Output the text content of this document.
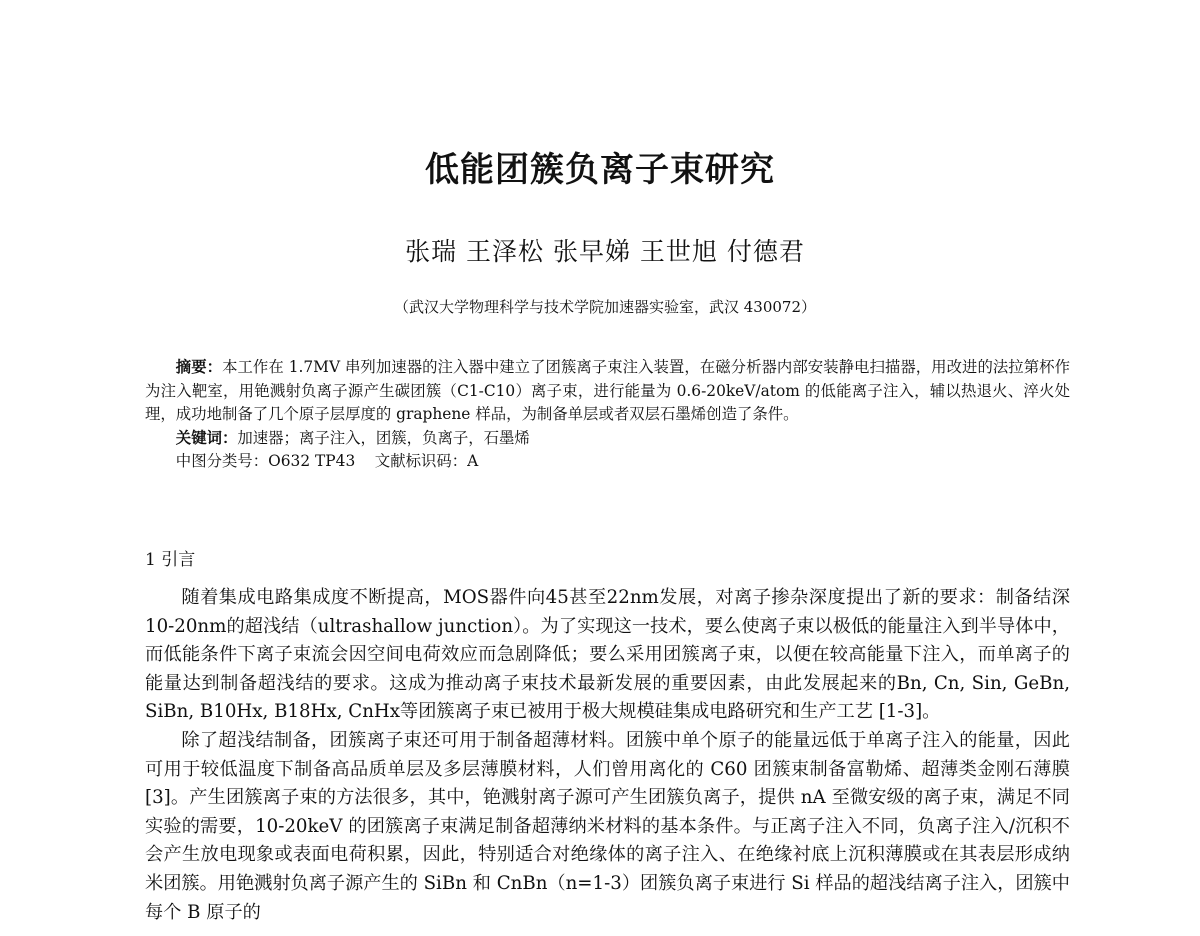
低能团簇负离子束研究
张瑞 王泽松 张早娣 王世旭 付德君
（武汉大学物理科学与技术学院加速器实验室，武汉 430072）

摘要：本工作在 1.7MV 串列加速器的注入器中建立了团簇离子束注入装置，在磁分析器内部安装静电扫描器，用改进的法拉第杯作为注入靶室，用铯溅射负离子源产生碳团簇（C1-C10）离子束，进行能量为 0.6-20keV/atom 的低能离子注入，辅以热退火、淬火处理，成功地制备了几个原子层厚度的 graphene 样品，为制备单层或者双层石墨烯创造了条件。

关键词：加速器；离子注入，团簇，负离子，石墨烯
中图分类号：O632 TP43    文献标识码：A
1 引言

随着集成电路集成度不断提高，MOS器件向45甚至22nm发展，对离子掺杂深度提出了新的要求：制备结深10-20nm的超浅结（ultrashallow junction）。为了实现这一技术，要么使离子束以极低的能量注入到半导体中，而低能条件下离子束流会因空间电荷效应而急剧降低；要么采用团簇离子束，以便在较高能量下注入，而单离子的能量达到制备超浅结的要求。这成为推动离子束技术最新发展的重要因素，由此发展起来的Bn, Cn, Sin, GeBn, SiBn, B10Hx, B18Hx, CnHx等团簇离子束已被用于极大规模硅集成电路研究和生产工艺 [1-3]。

除了超浅结制备，团簇离子束还可用于制备超薄材料。团簇中单个原子的能量远低于单离子注入的能量，因此可用于较低温度下制备高品质单层及多层薄膜材料，人们曾用离化的 C60 团簇束制备富勒烯、超薄类金刚石薄膜[3]。产生团簇离子束的方法很多，其中，铯溅射离子源可产生团簇负离子，提供 nA 至微安级的离子束，满足不同实验的需要，10-20keV 的团簇离子束满足制备超薄纳米材料的基本条件。与正离子注入不同，负离子注入/沉积不会产生放电现象或表面电荷积累，因此，特别适合对绝缘体的离子注入、在绝缘衬底上沉积薄膜或在其表层形成纳米团簇。用铯溅射负离子源产生的 SiBn 和 CnBn（n=1-3）团簇负离子束进行 Si 样品的超浅结离子注入，团簇中每个 B 原子的
